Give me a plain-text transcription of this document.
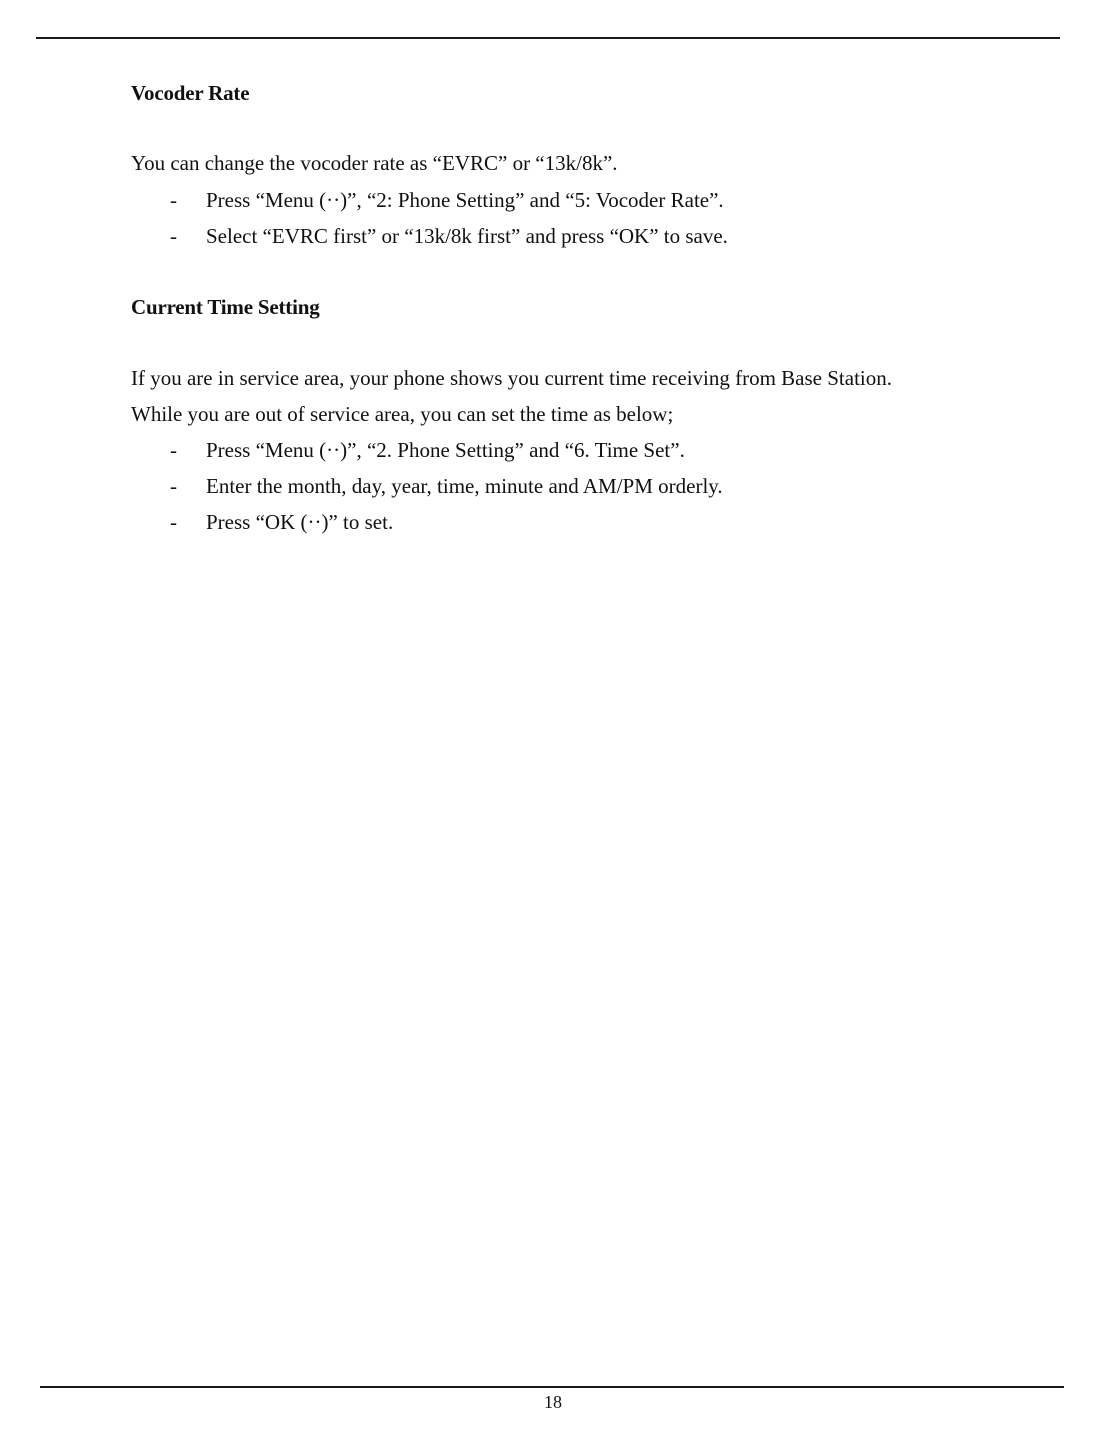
Vocoder Rate
You can change the vocoder rate as “EVRC” or “13k/8k”.
-	Press “Menu (··)”, “2: Phone Setting” and “5: Vocoder Rate”.
-	Select “EVRC first” or “13k/8k first” and press “OK” to save.
Current Time Setting
If you are in service area, your phone shows you current time receiving from Base Station.
While you are out of service area, you can set the time as below;
-	Press “Menu (··)”, “2. Phone Setting” and “6. Time Set”.
-	Enter the month, day, year, time, minute and AM/PM orderly.
-	Press “OK (··)” to set.
18
